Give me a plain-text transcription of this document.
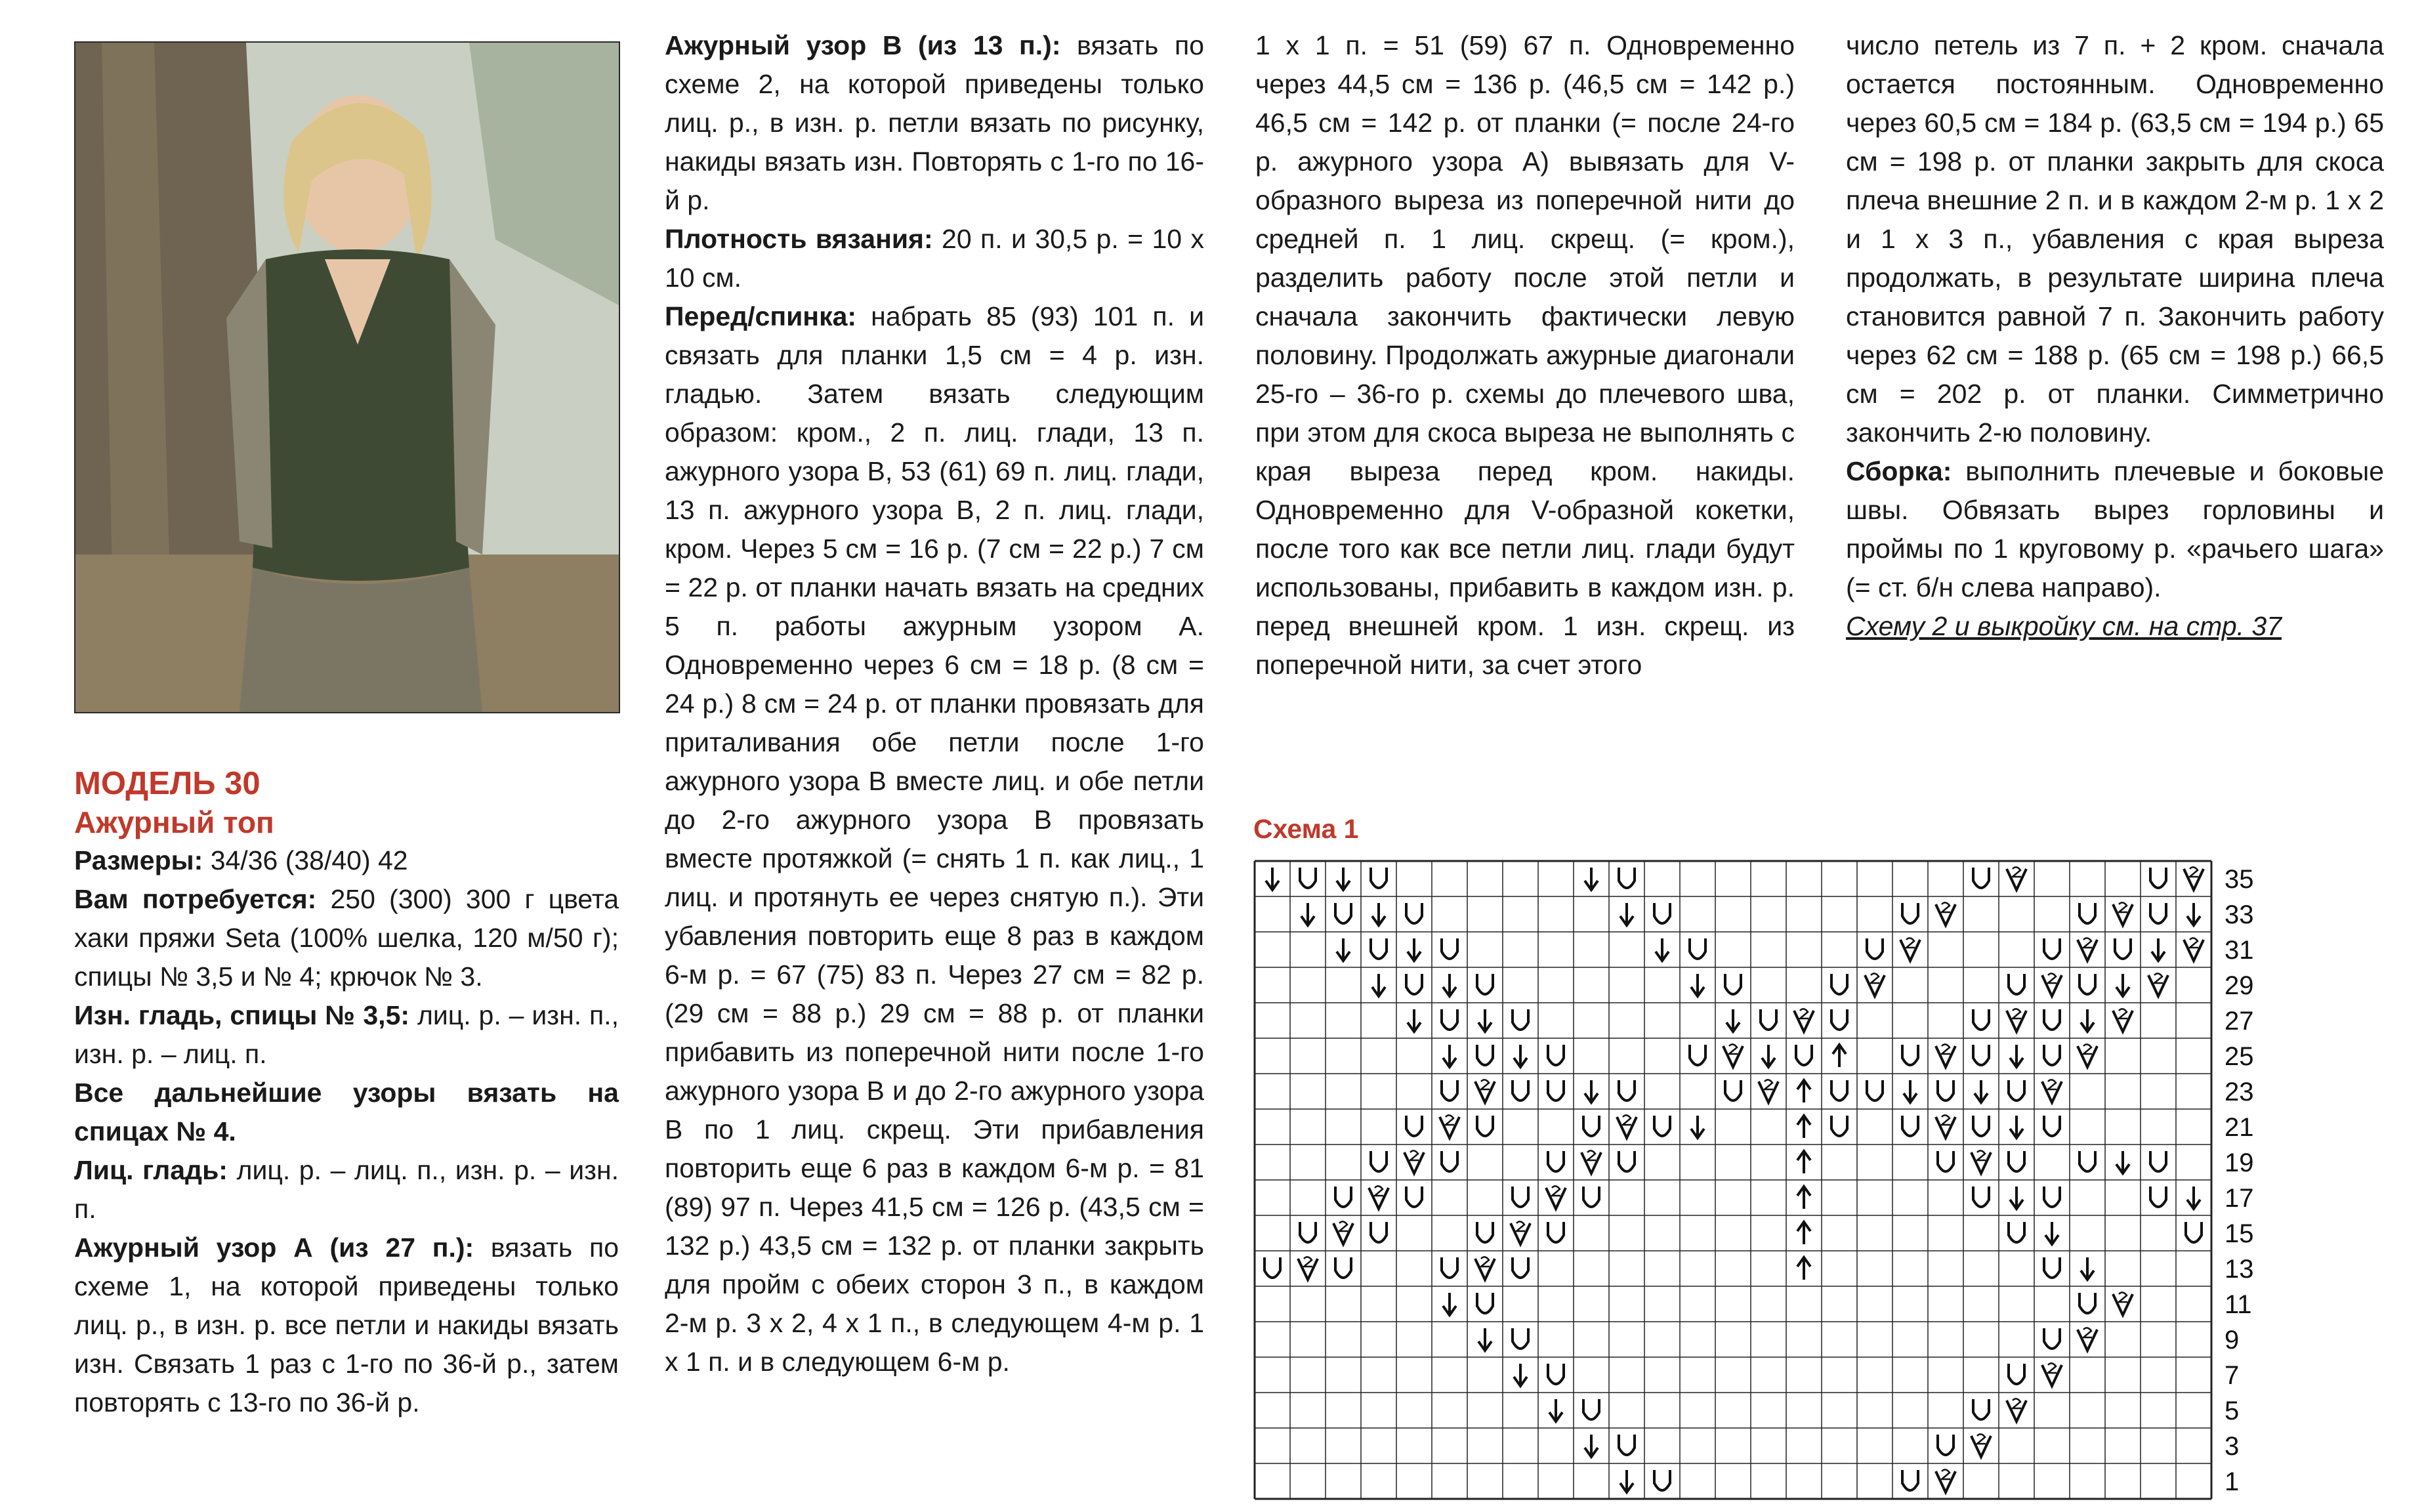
МОДЕЛЬ 30

Ажурный топ

Размеры: 34/36 (38/40) 42

Вам потребуется: 250 (300) 300 г цвета хаки пряжи Seta (100% шелка, 120 м/50 г); спицы № 3,5 и № 4; крючок № 3.

Изн. гладь, спицы № 3,5: лиц. р. – изн. п., изн. р. – лиц. п.

Все дальнейшие узоры вязать на спицах № 4.

Лиц. гладь: лиц. р. – лиц. п., изн. р. – изн. п.

Ажурный узор А (из 27 п.): вязать по схеме 1, на которой приведены только лиц. р., в изн. р. все петли и накиды вязать изн. Связать 1 раз с 1-го по 36-й р., затем повторять с 13-го по 36-й р.

Ажурный узор В (из 13 п.): вязать по схеме 2, на которой приведены только лиц. р., в изн. р. петли вязать по рисунку, накиды вязать изн. Повторять с 1-го по 16-й р.

Плотность вязания: 20 п. и 30,5 р. = 10 х 10 см.

Перед/спинка: набрать 85 (93) 101 п. и связать для планки 1,5 см = 4 р. изн. гладью. Затем вязать следующим образом: кром., 2 п. лиц. глади, 13 п. ажурного узора В, 53 (61) 69 п. лиц. глади, 13 п. ажурного узора В, 2 п. лиц. глади, кром. Через 5 см = 16 р. (7 см = 22 р.) 7 см = 22 р. от планки начать вязать на средних 5 п. работы ажурным узором А. Одновременно через 6 см = 18 р. (8 см = 24 р.) 8 см = 24 р. от планки провязать для приталивания обе петли после 1-го ажурного узора В вместе лиц. и обе петли до 2-го ажурного узора В провязать вместе протяжкой (= снять 1 п. как лиц., 1 лиц. и протянуть ее через снятую п.). Эти убавления повторить еще 8 раз в каждом 6-м р. = 67 (75) 83 п. Через 27 см = 82 р. (29 см = 88 р.) 29 см = 88 р. от планки прибавить из поперечной нити после 1-го ажурного узора В и до 2-го ажурного узора В по 1 лиц. скрещ. Эти прибавления повторить еще 6 раз в каждом 6-м р. = 81 (89) 97 п. Через 41,5 см = 126 р. (43,5 см = 132 р.) 43,5 см = 132 р. от планки закрыть для пройм с обеих сторон 3 п., в каждом 2-м р. 3 х 2, 4 х 1 п., в следующем 4-м р. 1 х 1 п. и в следующем 6-м р.

1 х 1 п. = 51 (59) 67 п. Одновременно через 44,5 см = 136 р. (46,5 см = 142 р.) 46,5 см = 142 р. от планки (= после 24-го р. ажурного узора А) вывязать для V-образного выреза из поперечной нити до средней п. 1 лиц. скрещ. (= кром.), разделить работу после этой петли и сначала закончить фактически левую половину. Продолжать ажурные диагонали 25-го – 36-го р. схемы до плечевого шва, при этом для скоса выреза не выполнять с края выреза перед кром. накиды. Одновременно для V-образной кокетки, после того как все петли лиц. глади будут использованы, прибавить в каждом изн. р. перед внешней кром. 1 изн. скрещ. из поперечной нити, за счет этого

число петель из 7 п. + 2 кром. сначала остается постоянным. Одновременно через 60,5 см = 184 р. (63,5 см = 194 р.) 65 см = 198 р. от планки закрыть для скоса плеча внешние 2 п. и в каждом 2-м р. 1 х 2 и 1 х 3 п., убавления с края выреза продолжать, в результате ширина плеча становится равной 7 п. Закончить работу через 62 см = 188 р. (65 см = 198 р.) 66,5 см = 202 р. от планки. Симметрично закончить 2-ю половину.

Сборка: выполнить плечевые и боковые швы. Обвязать вырез горловины и проймы по 1 круговому р. «рачьего шага» (= ст. б/н слева направо).

Схему 2 и выкройку см. на стр. 37

Схема 1
35
33
31
29
27
25
23
21
19
17
15
13
11
9
7
5
3
1
